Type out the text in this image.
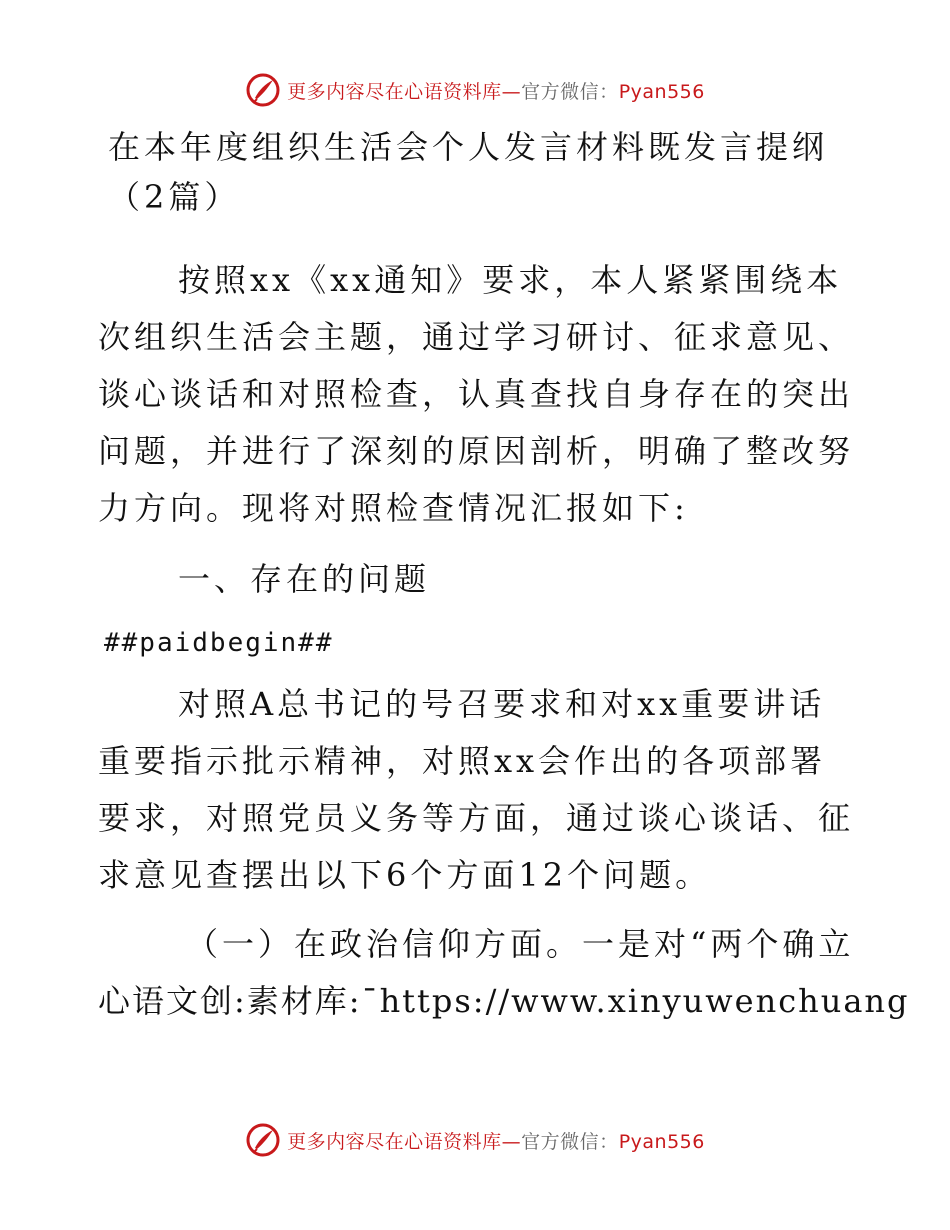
更多内容尽在心语资料库—官方微信：Pyan556

在本年度组织生活会个人发言材料既发言提纲（2篇）

按照xx《xx通知》要求，本人紧紧围绕本次组织生活会主题，通过学习研讨、征求意见、谈心谈话和对照检查，认真查找自身存在的突出问题，并进行了深刻的原因剖析，明确了整改努力方向。现将对照检查情况汇报如下:

一、存在的问题

##paidbegin##

对照A总书记的号召要求和对xx重要讲话重要指示批示精神，对照xx会作出的各项部署要求，对照党员义务等方面，通过谈心谈话、征求意见查摆出以下6个方面12个问题。

（一）在政治信仰方面。一是对“两个确立

心语文创:素材库:¯https://www.xinyuwenchuang

更多内容尽在心语资料库—官方微信：Pyan556
